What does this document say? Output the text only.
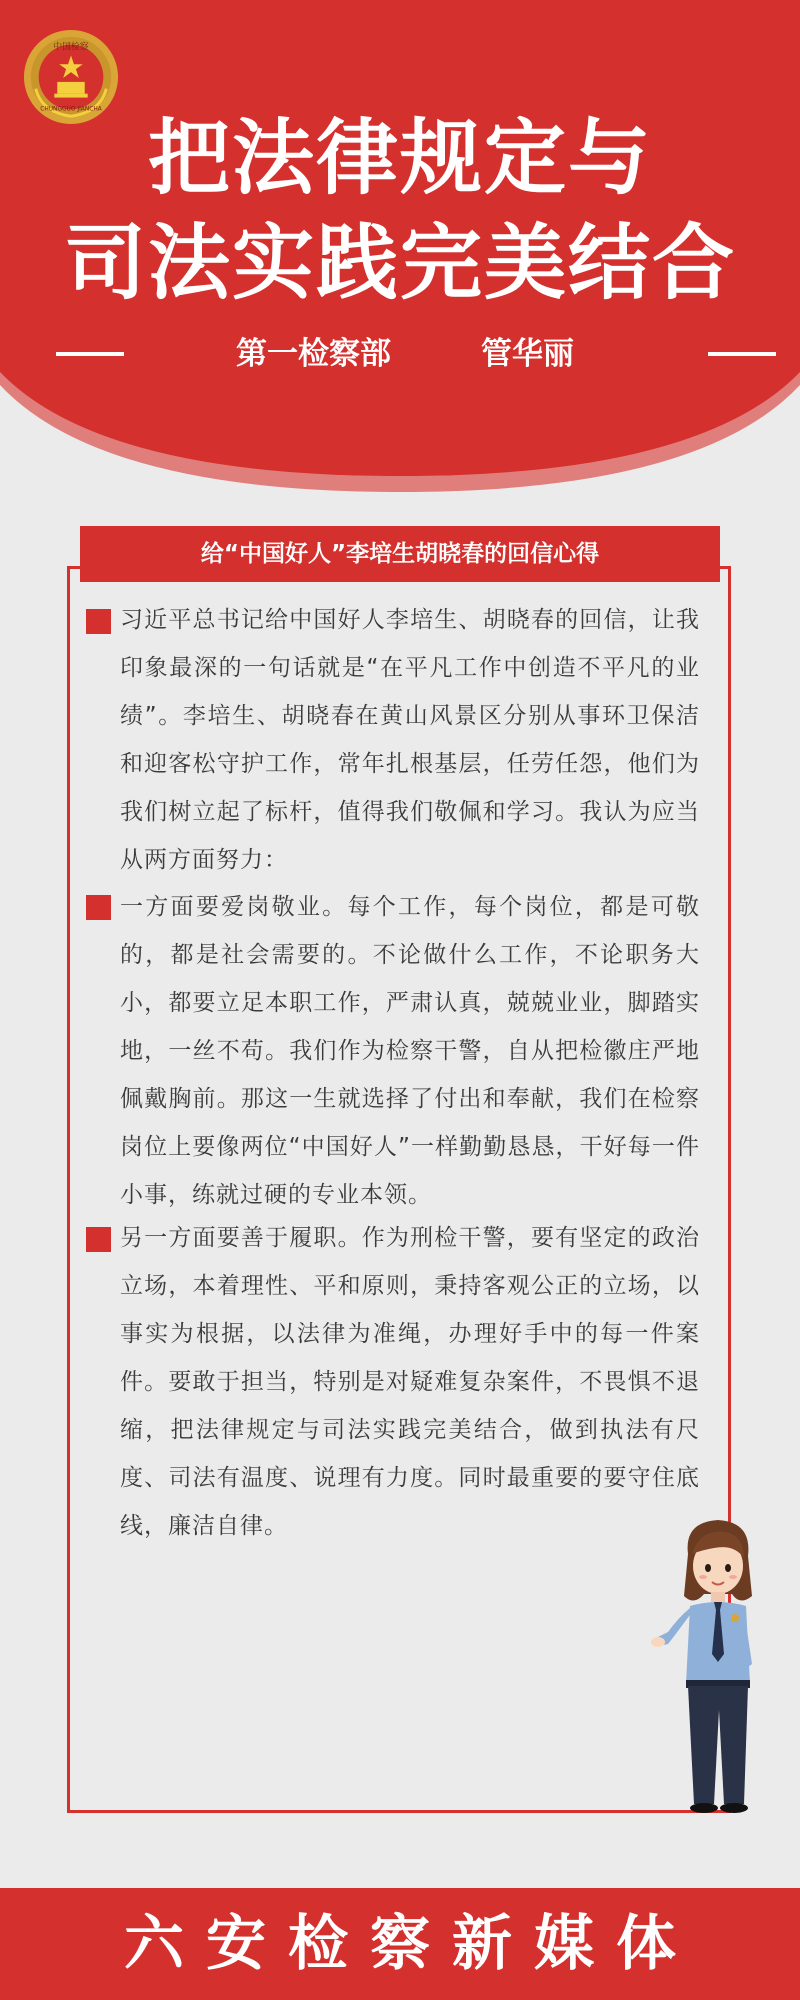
中国检察
CHUNGGUO JIANCHA
把法律规定与
司法实践完美结合
第一检察部	管华丽
给“中国好人”李培生胡晓春的回信心得

习近平总书记给中国好人李培生、胡晓春的回信，让我印象最深的一句话就是“在平凡工作中创造不平凡的业绩”。李培生、胡晓春在黄山风景区分别从事环卫保洁和迎客松守护工作，常年扎根基层，任劳任怨，他们为我们树立起了标杆，值得我们敬佩和学习。我认为应当从两方面努力：

一方面要爱岗敬业。每个工作，每个岗位，都是可敬的，都是社会需要的。不论做什么工作，不论职务大小，都要立足本职工作，严肃认真，兢兢业业，脚踏实地，一丝不苟。我们作为检察干警，自从把检徽庄严地佩戴胸前。那这一生就选择了付出和奉献，我们在检察岗位上要像两位“中国好人”一样勤勤恳恳，干好每一件小事，练就过硬的专业本领。

另一方面要善于履职。作为刑检干警，要有坚定的政治立场，本着理性、平和原则，秉持客观公正的立场，以事实为根据，以法律为准绳，办理好手中的每一件案件。要敢于担当，特别是对疑难复杂案件，不畏惧不退缩，把法律规定与司法实践完美结合，做到执法有尺度、司法有温度、说理有力度。同时最重要的要守住底线，廉洁自律。

六安检察新媒体
